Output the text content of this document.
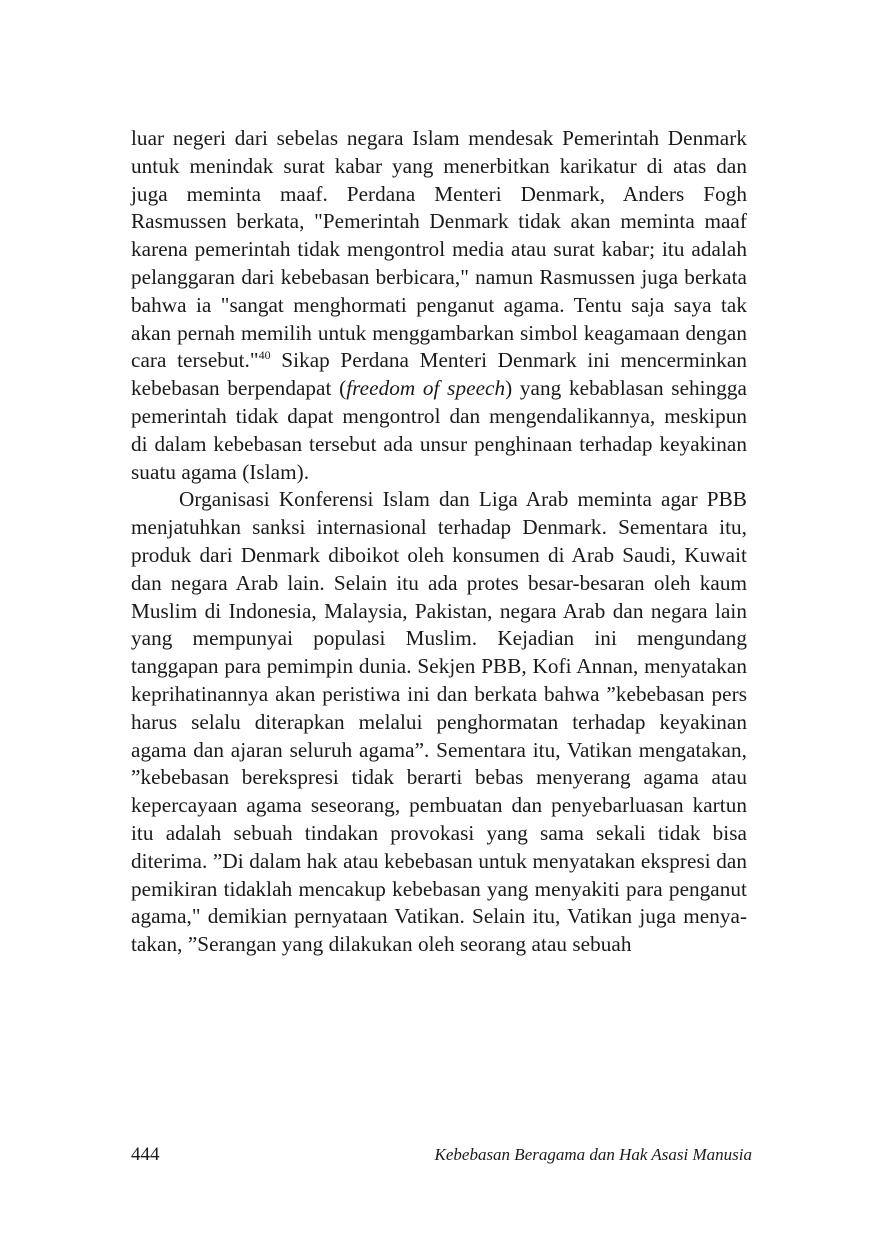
luar negeri dari sebelas negara Islam mendesak Pemerintah Denmark untuk menindak surat kabar yang menerbitkan karikatur di atas dan juga meminta maaf. Perdana Menteri Denmark, Anders Fogh Rasmussen berkata, "Pemerintah Denmark tidak akan meminta maaf karena pemerintah tidak mengontrol media atau surat kabar; itu adalah pelanggaran dari kebebasan berbicara," namun Rasmussen juga berkata bahwa ia "sangat menghormati penganut agama. Tentu saja saya tak akan pernah memilih untuk menggambarkan simbol keagamaan dengan cara tersebut."$^{40}$ Sikap Perdana Menteri Denmark ini mencerminkan kebebasan berpendapat (freedom of speech) yang kebablasan sehingga pemerintah tidak dapat mengontrol dan mengendalikannya, meskipun di dalam kebebasan tersebut ada unsur penghinaan terhadap keyakinan suatu agama (Islam).

Organisasi Konferensi Islam dan Liga Arab meminta agar PBB menjatuhkan sanksi internasional terhadap Denmark. Sementara itu, produk dari Denmark diboikot oleh konsumen di Arab Saudi, Kuwait dan negara Arab lain. Selain itu ada protes besar-besaran oleh kaum Muslim di Indonesia, Malaysia, Pakistan, negara Arab dan negara lain yang mempunyai populasi Muslim. Kejadian ini mengundang tanggapan para pemimpin dunia. Sekjen PBB, Kofi Annan, menyatakan keprihatinannya akan peristiwa ini dan berkata bahwa ”kebebasan pers harus selalu diterapkan melalui penghormatan terhadap keyakinan agama dan ajaran seluruh agama”. Sementara itu, Vatikan mengatakan, ”kebebasan berekspresi tidak berarti bebas menyerang agama atau kepercayaan agama seseorang, pembuatan dan penyebarluasan kartun itu adalah sebuah tindakan provokasi yang sama sekali tidak bisa diterima. ”Di dalam hak atau kebebasan untuk menyatakan ekspresi dan pemikiran tidaklah mencakup kebebasan yang menyakiti para penganut agama," demikian pernyataan Vatikan. Selain itu, Vatikan juga menyatakan, ”Serangan yang dilakukan oleh seorang atau sebuah

444	Kebebasan Beragama dan Hak Asasi Manusia
